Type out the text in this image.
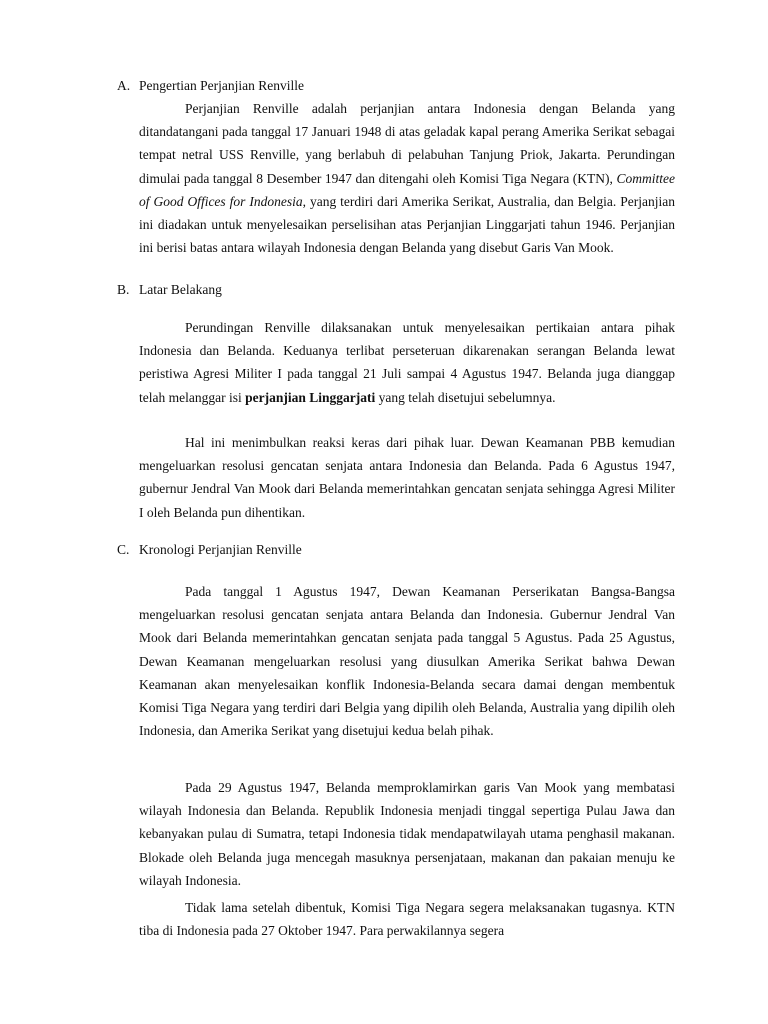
A. Pengertian Perjanjian Renville

Perjanjian Renville adalah perjanjian antara Indonesia dengan Belanda yang ditandatangani pada tanggal 17 Januari 1948 di atas geladak kapal perang Amerika Serikat sebagai tempat netral USS Renville, yang berlabuh di pelabuhan Tanjung Priok, Jakarta. Perundingan dimulai pada tanggal 8 Desember 1947 dan ditengahi oleh Komisi Tiga Negara (KTN), Committee of Good Offices for Indonesia, yang terdiri dari Amerika Serikat, Australia, dan Belgia. Perjanjian ini diadakan untuk menyelesaikan perselisihan atas Perjanjian Linggarjati tahun 1946. Perjanjian ini berisi batas antara wilayah Indonesia dengan Belanda yang disebut Garis Van Mook.

B. Latar Belakang

Perundingan Renville dilaksanakan untuk menyelesaikan pertikaian antara pihak Indonesia dan Belanda. Keduanya terlibat perseteruan dikarenakan serangan Belanda lewat peristiwa Agresi Militer I pada tanggal 21 Juli sampai 4 Agustus 1947. Belanda juga dianggap telah melanggar isi perjanjian Linggarjati yang telah disetujui sebelumnya.

Hal ini menimbulkan reaksi keras dari pihak luar. Dewan Keamanan PBB kemudian mengeluarkan resolusi gencatan senjata antara Indonesia dan Belanda. Pada 6 Agustus 1947, gubernur Jendral Van Mook dari Belanda memerintahkan gencatan senjata sehingga Agresi Militer I oleh Belanda pun dihentikan.

C. Kronologi Perjanjian Renville

Pada tanggal 1 Agustus 1947, Dewan Keamanan Perserikatan Bangsa-Bangsa mengeluarkan resolusi gencatan senjata antara Belanda dan Indonesia. Gubernur Jendral Van Mook dari Belanda memerintahkan gencatan senjata pada tanggal 5 Agustus. Pada 25 Agustus, Dewan Keamanan mengeluarkan resolusi yang diusulkan Amerika Serikat bahwa Dewan Keamanan akan menyelesaikan konflik Indonesia-Belanda secara damai dengan membentuk Komisi Tiga Negara yang terdiri dari Belgia yang dipilih oleh Belanda, Australia yang dipilih oleh Indonesia, dan Amerika Serikat yang disetujui kedua belah pihak.

Pada 29 Agustus 1947, Belanda memproklamirkan garis Van Mook yang membatasi wilayah Indonesia dan Belanda. Republik Indonesia menjadi tinggal sepertiga Pulau Jawa dan kebanyakan pulau di Sumatra, tetapi Indonesia tidak mendapatwilayah utama penghasil makanan. Blokade oleh Belanda juga mencegah masuknya persenjataan, makanan dan pakaian menuju ke wilayah Indonesia.

Tidak lama setelah dibentuk, Komisi Tiga Negara segera melaksanakan tugasnya. KTN tiba di Indonesia pada 27 Oktober 1947. Para perwakilannya segera
